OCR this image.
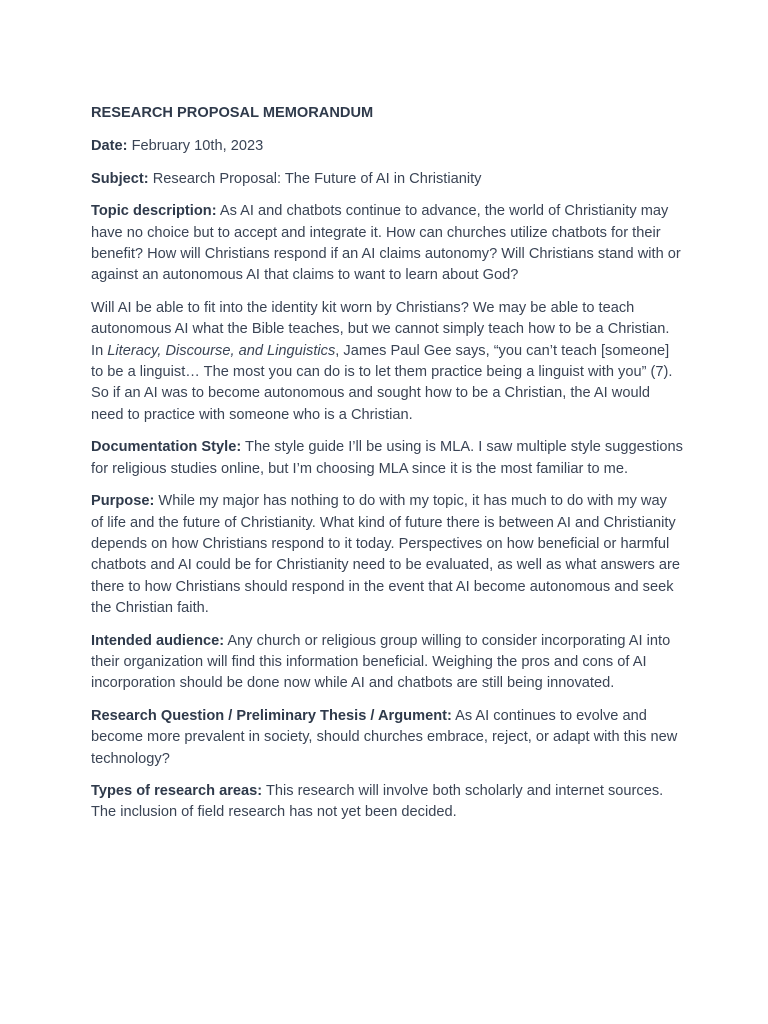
RESEARCH PROPOSAL MEMORANDUM

Date: February 10th, 2023

Subject: Research Proposal: The Future of AI in Christianity

Topic description: As AI and chatbots continue to advance, the world of Christianity may have no choice but to accept and integrate it. How can churches utilize chatbots for their benefit? How will Christians respond if an AI claims autonomy? Will Christians stand with or against an autonomous AI that claims to want to learn about God?

Will AI be able to fit into the identity kit worn by Christians? We may be able to teach autonomous AI what the Bible teaches, but we cannot simply teach how to be a Christian. In Literacy, Discourse, and Linguistics, James Paul Gee says, “you can’t teach [someone] to be a linguist… The most you can do is to let them practice being a linguist with you” (7). So if an AI was to become autonomous and sought how to be a Christian, the AI would need to practice with someone who is a Christian.

Documentation Style: The style guide I’ll be using is MLA. I saw multiple style suggestions for religious studies online, but I’m choosing MLA since it is the most familiar to me.

Purpose: While my major has nothing to do with my topic, it has much to do with my way of life and the future of Christianity. What kind of future there is between AI and Christianity depends on how Christians respond to it today. Perspectives on how beneficial or harmful chatbots and AI could be for Christianity need to be evaluated, as well as what answers are there to how Christians should respond in the event that AI become autonomous and seek the Christian faith.

Intended audience: Any church or religious group willing to consider incorporating AI into their organization will find this information beneficial. Weighing the pros and cons of AI incorporation should be done now while AI and chatbots are still being innovated.

Research Question / Preliminary Thesis / Argument: As AI continues to evolve and become more prevalent in society, should churches embrace, reject, or adapt with this new technology?

Types of research areas: This research will involve both scholarly and internet sources. The inclusion of field research has not yet been decided.
